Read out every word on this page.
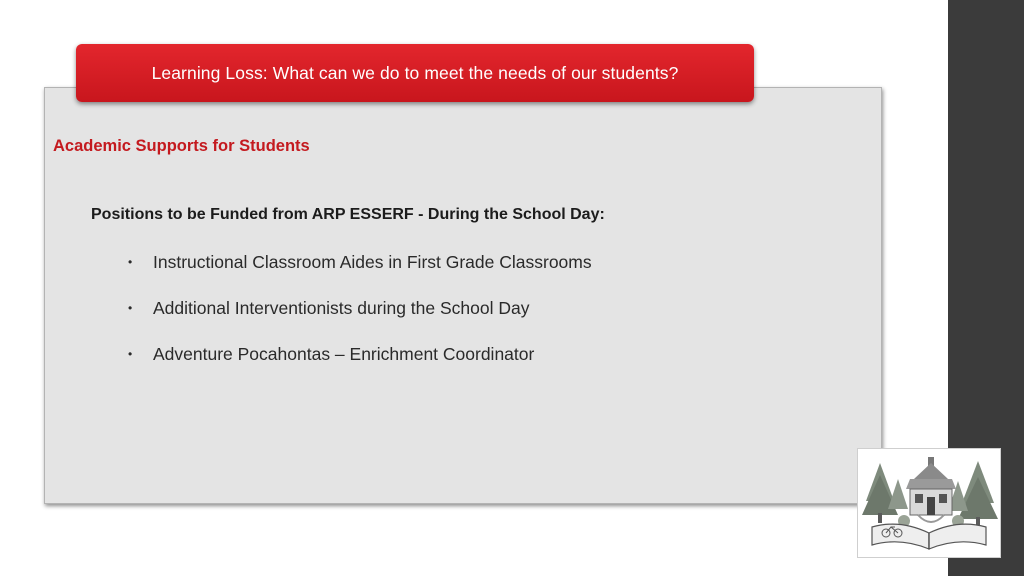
Learning Loss: What can we do to meet the needs of our students?
Academic Supports for Students
Positions to be Funded from ARP ESSERF - During the School Day:
•	Instructional Classroom Aides in First Grade Classrooms
•	Additional Interventionists during the School Day
•	Adventure Pocahontas – Enrichment Coordinator
